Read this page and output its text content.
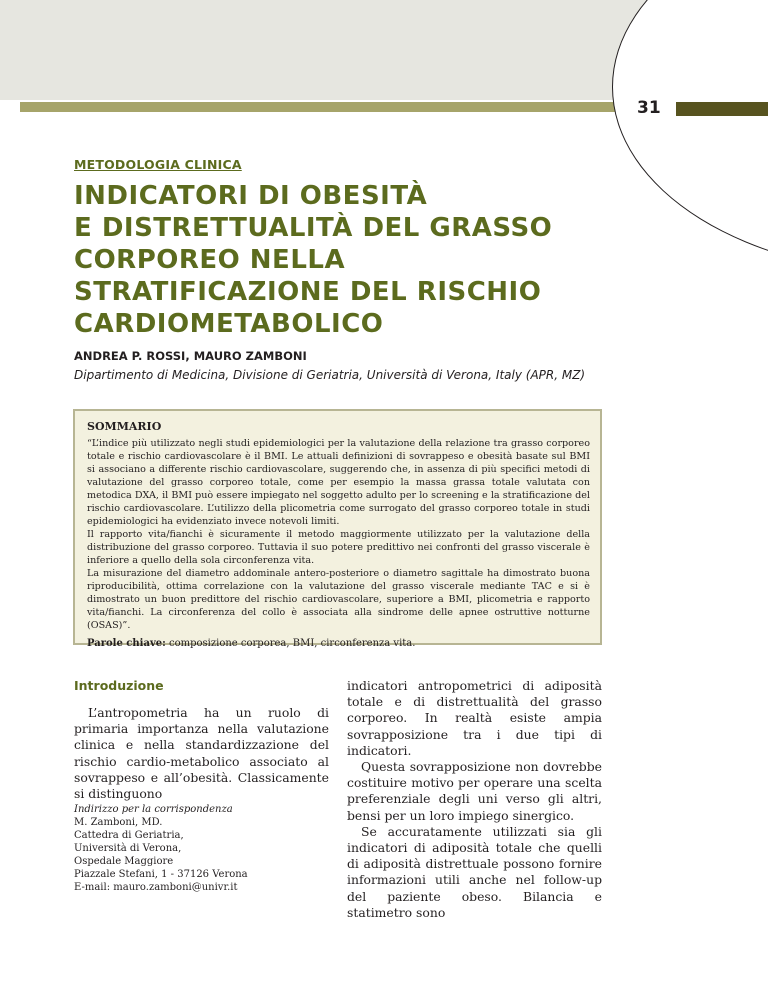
31
METODOLOGIA CLINICA
INDICATORI DI OBESITÀ
E DISTRETTUALITÀ DEL GRASSO
CORPOREO NELLA
STRATIFICAZIONE DEL RISCHIO
CARDIOMETABOLICO
ANDREA P. ROSSI, MAURO ZAMBONI
Dipartimento di Medicina, Divisione di Geriatria, Università di Verona, Italy (APR, MZ)
SOMMARIO

“L’indice più utilizzato negli studi epidemiologici per la valutazione della relazione tra grasso corporeo totale e rischio cardiovascolare è il BMI. Le attuali definizioni di sovrappeso e obesità basate sul BMI si associano a differente rischio cardiovascolare, suggerendo che, in assenza di più specifici metodi di valutazione del grasso corporeo totale, come per esempio la massa grassa totale valutata con metodica DXA, il BMI può essere impiegato nel soggetto adulto per lo screening e la stratificazione del rischio cardiovascolare. L’utilizzo della plicometria come surrogato del grasso corporeo totale in studi epidemiologici ha evidenziato invece notevoli limiti.

Il rapporto vita/fianchi è sicuramente il metodo maggiormente utilizzato per la valutazione della distribuzione del grasso corporeo. Tuttavia il suo potere predittivo nei confronti del grasso viscerale è inferiore a quello della sola circonferenza vita.

La misurazione del diametro addominale antero-posteriore o diametro sagittale ha dimostrato buona riproducibilità, ottima correlazione con la valutazione del grasso viscerale mediante TAC e si è dimostrato un buon predittore del rischio cardiovascolare, superiore a BMI, plicometria e rapporto vita/fianchi. La circonferenza del collo è associata alla sindrome delle apnee ostruttive notturne (OSAS)”.

Parole chiave: composizione corporea, BMI, circonferenza vita.

Introduzione

L’antropometria ha un ruolo di primaria importanza nella valutazione clinica e nella standardizzazione del rischio cardio-metabolico associato al sovrappeso e all’obesità. Classicamente si distinguono

Indirizzo per la corrispondenza
M. Zamboni, MD.
Cattedra di Geriatria,
Università di Verona,
Ospedale Maggiore
Piazzale Stefani, 1 - 37126 Verona
E-mail: mauro.zamboni@univr.it

indicatori antropometrici di adiposità totale e di distrettualità del grasso corporeo. In realtà esiste ampia sovrapposizione tra i due tipi di indicatori.

Questa sovrapposizione non dovrebbe costituire motivo per operare una scelta preferenziale degli uni verso gli altri, bensi per un loro impiego sinergico.

Se accuratamente utilizzati sia gli indicatori di adiposità totale che quelli di adiposità distrettuale possono fornire informazioni utili anche nel follow-up del paziente obeso. Bilancia e statimetro sono
